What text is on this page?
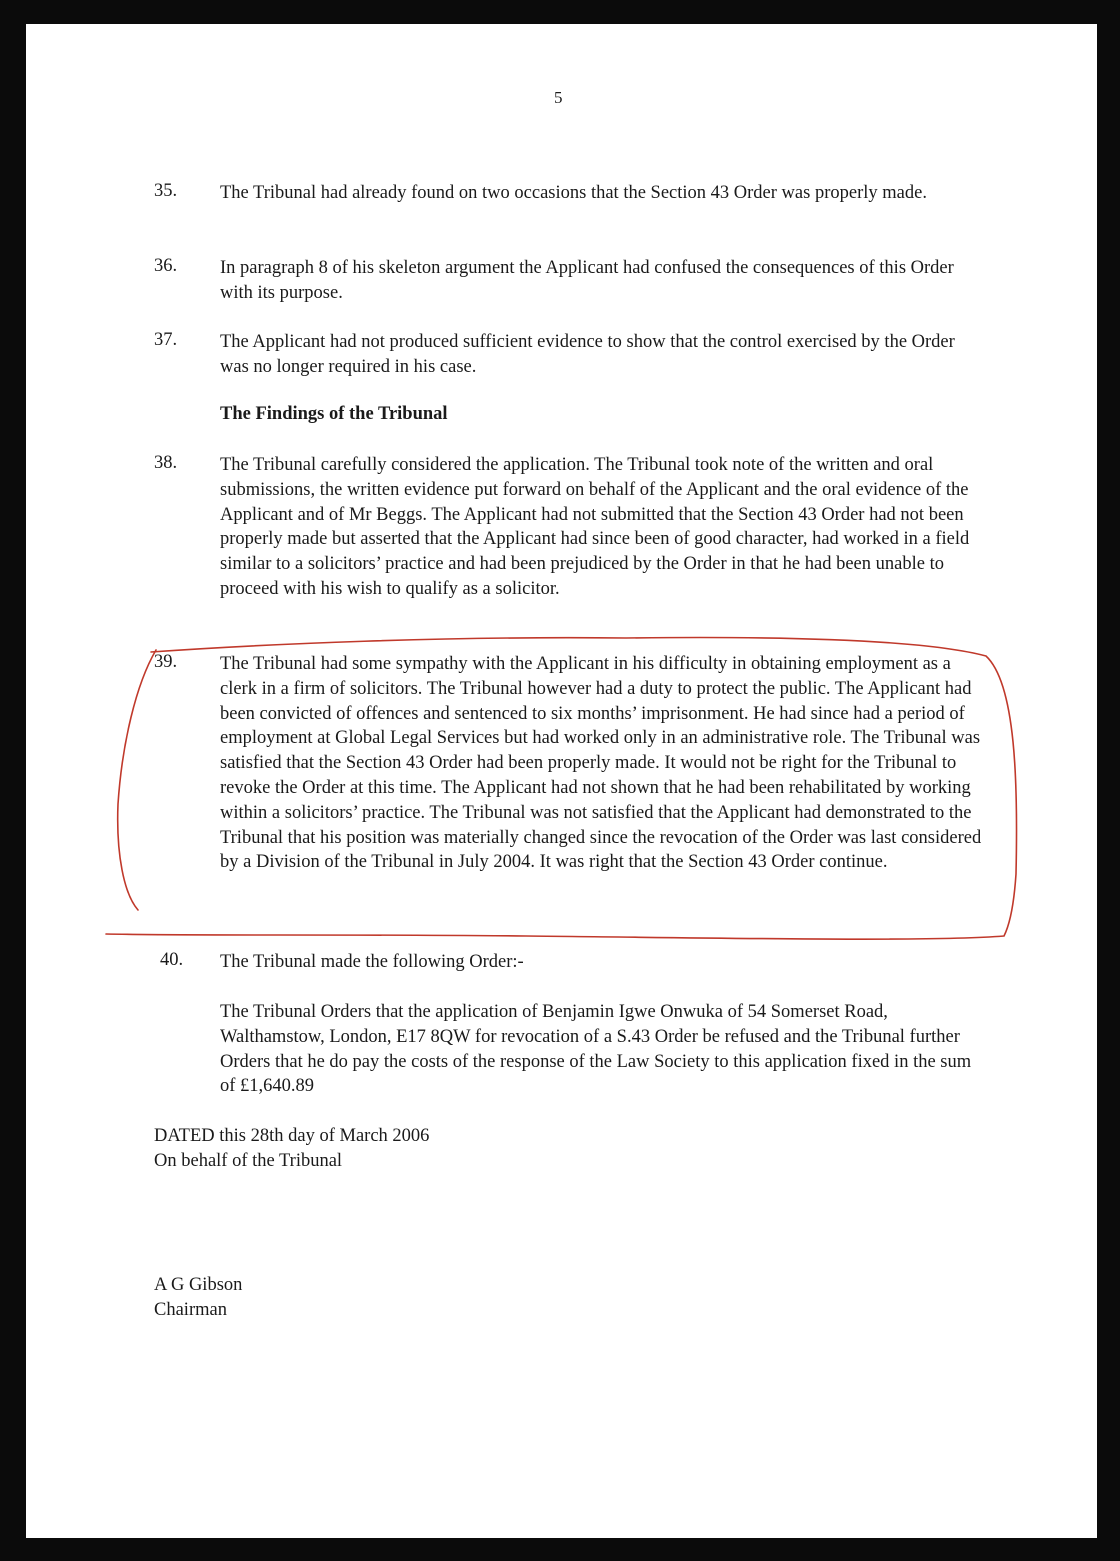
5
35. The Tribunal had already found on two occasions that the Section 43 Order was properly made.
36. In paragraph 8 of his skeleton argument the Applicant had confused the consequences of this Order with its purpose.
37. The Applicant had not produced sufficient evidence to show that the control exercised by the Order was no longer required in his case.
The Findings of the Tribunal
38. The Tribunal carefully considered the application. The Tribunal took note of the written and oral submissions, the written evidence put forward on behalf of the Applicant and the oral evidence of the Applicant and of Mr Beggs. The Applicant had not submitted that the Section 43 Order had not been properly made but asserted that the Applicant had since been of good character, had worked in a field similar to a solicitors’ practice and had been prejudiced by the Order in that he had been unable to proceed with his wish to qualify as a solicitor.
39. The Tribunal had some sympathy with the Applicant in his difficulty in obtaining employment as a clerk in a firm of solicitors. The Tribunal however had a duty to protect the public. The Applicant had been convicted of offences and sentenced to six months’ imprisonment. He had since had a period of employment at Global Legal Services but had worked only in an administrative role. The Tribunal was satisfied that the Section 43 Order had been properly made. It would not be right for the Tribunal to revoke the Order at this time. The Applicant had not shown that he had been rehabilitated by working within a solicitors’ practice. The Tribunal was not satisfied that the Applicant had demonstrated to the Tribunal that his position was materially changed since the revocation of the Order was last considered by a Division of the Tribunal in July 2004. It was right that the Section 43 Order continue.
40. The Tribunal made the following Order:-
The Tribunal Orders that the application of Benjamin Igwe Onwuka of 54 Somerset Road, Walthamstow, London, E17 8QW for revocation of a S.43 Order be refused and the Tribunal further Orders that he do pay the costs of the response of the Law Society to this application fixed in the sum of £1,640.89
DATED this 28th day of March 2006
On behalf of the Tribunal
A G Gibson
Chairman
